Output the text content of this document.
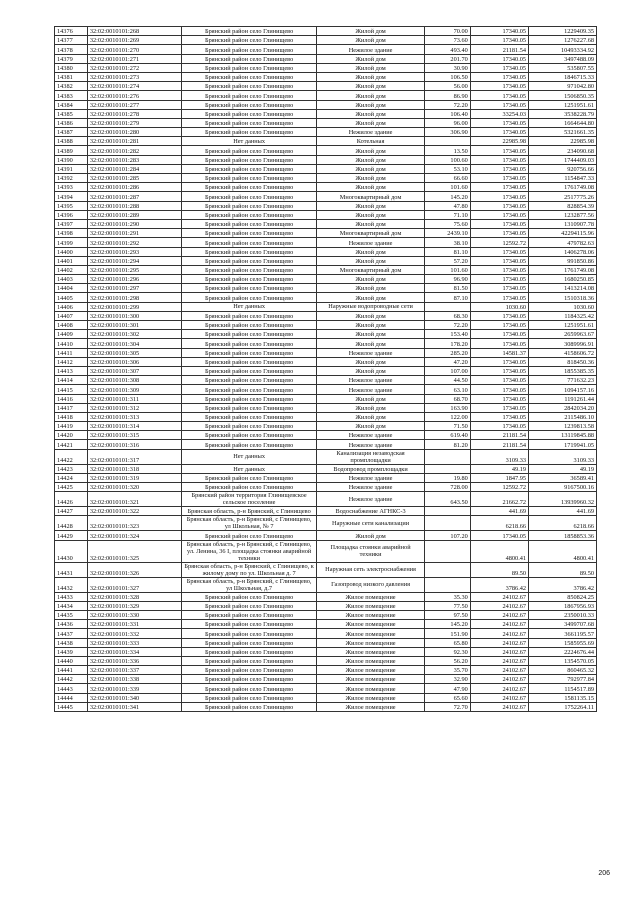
14376	32:02:0010101:268	Брянский район село Глинищево	Жилой дом	70.00	17340.05	1229409.35
14377	32:02:0010101:269	Брянский район село Глинищево	Жилой дом	73.60	17340.05	1276227.68
14378	32:02:0010101:270	Брянский район село Глинищево	Нежилое здание	493.40	21181.54	10493334.92
14379	32:02:0010101:271	Брянский район село Глинищево	Жилой дом	201.70	17340.05	3497488.09
14380	32:02:0010101:272	Брянский район село Глинищево	Жилой дом	30.90	17340.05	535807.55
14381	32:02:0010101:273	Брянский район село Глинищево	Жилой дом	106.50	17340.05	1846715.33
14382	32:02:0010101:274	Брянский район село Глинищево	Жилой дом	56.00	17340.05	971042.80
14383	32:02:0010101:276	Брянский район село Глинищево	Жилой дом	86.90	17340.05	1506850.35
14384	32:02:0010101:277	Брянский район село Глинищево	Жилой дом	72.20	17340.05	1251951.61
14385	32:02:0010101:278	Брянский район село Глинищево	Жилой дом	106.40	33254.03	3538228.79
14386	32:02:0010101:279	Брянский район село Глинищево	Жилой дом	96.00	17340.05	1664644.80
14387	32:02:0010101:280	Брянский район село Глинищево	Нежилое здание	306.90	17340.05	5321661.35
14388	32:02:0010101:281	Нет данных	Котельная		22985.98	22985.98
14389	32:02:0010101:282	Брянский район село Глинищево	Жилой дом	13.50	17340.05	234090.68
14390	32:02:0010101:283	Брянский район село Глинищево	Жилой дом	100.60	17340.05	1744409.03
14391	32:02:0010101:284	Брянский район село Глинищево	Жилой дом	53.10	17340.05	920756.66
14392	32:02:0010101:285	Брянский район село Глинищево	Жилой дом	66.60	17340.05	1154847.33
14393	32:02:0010101:286	Брянский район село Глинищево	Жилой дом	101.60	17340.05	1761749.08
14394	32:02:0010101:287	Брянский район село Глинищево	Многоквартирный дом	145.20	17340.05	2517775.26
14395	32:02:0010101:288	Брянский район село Глинищево	Жилой дом	47.80	17340.05	828854.39
14396	32:02:0010101:289	Брянский район село Глинищево	Жилой дом	71.10	17340.05	1232877.56
14397	32:02:0010101:290	Брянский район село Глинищево	Жилой дом	75.60	17340.05	1310907.78
14398	32:02:0010101:291	Брянский район село Глинищево	Многоквартирный дом	2439.10	17340.05	42294115.96
14399	32:02:0010101:292	Брянский район село Глинищево	Нежилое здание	38.10	12592.72	479782.63
14400	32:02:0010101:293	Брянский район село Глинищево	Жилой дом	81.10	17340.05	1406278.06
14401	32:02:0010101:294	Брянский район село Глинищево	Жилой дом	57.20	17340.05	991850.86
14402	32:02:0010101:295	Брянский район село Глинищево	Многоквартирный дом	101.60	17340.05	1761749.08
14403	32:02:0010101:296	Брянский район село Глинищево	Жилой дом	96.90	17340.05	1680250.85
14404	32:02:0010101:297	Брянский район село Глинищево	Жилой дом	81.50	17340.05	1413214.08
14405	32:02:0010101:298	Брянский район село Глинищево	Жилой дом	87.10	17340.05	1510318.36
14406	32:02:0010101:299	Нет данных	Наружные водопроводные сети		1030.60	1030.60
14407	32:02:0010101:300	Брянский район село Глинищево	Жилой дом	68.30	17340.05	1184325.42
14408	32:02:0010101:301	Брянский район село Глинищево	Жилой дом	72.20	17340.05	1251951.61
14409	32:02:0010101:302	Брянский район село Глинищево	Жилой дом	153.40	17340.05	2659963.67
14410	32:02:0010101:304	Брянский район село Глинищево	Жилой дом	178.20	17340.05	3089996.91
14411	32:02:0010101:305	Брянский район село Глинищево	Нежилое здание	285.20	14581.37	4158606.72
14412	32:02:0010101:306	Брянский район село Глинищево	Жилой дом	47.20	17340.05	818450.36
14413	32:02:0010101:307	Брянский район село Глинищево	Жилой дом	107.00	17340.05	1855385.35
14414	32:02:0010101:308	Брянский район село Глинищево	Нежилое здание	44.50	17340.05	771632.23
14415	32:02:0010101:309	Брянский район село Глинищево	Нежилое здание	63.10	17340.05	1094157.16
14416	32:02:0010101:311	Брянский район село Глинищево	Жилой дом	68.70	17340.05	1191261.44
14417	32:02:0010101:312	Брянский район село Глинищево	Жилой дом	163.90	17340.05	2842034.20
14418	32:02:0010101:313	Брянский район село Глинищево	Жилой дом	122.00	17340.05	2115486.10
14419	32:02:0010101:314	Брянский район село Глинищево	Жилой дом	71.50	17340.05	1239813.58
14420	32:02:0010101:315	Брянский район село Глинищево	Нежилое здание	619.40	21181.54	13119845.88
14421	32:02:0010101:316	Брянский район село Глинищево	Нежилое здание	81.20	21181.54	1719941.05
14422	32:02:0010101:317	Нет данных	Канализация незаводская промплощадки		3109.33	3109.33
14423	32:02:0010101:318	Нет данных	Водопровод промплощадки		49.19	49.19
14424	32:02:0010101:319	Брянский район село Глинищево	Нежилое здание	19.80	1847.95	36589.41
14425	32:02:0010101:320	Брянский район село Глинищево	Нежилое здание	728.00	12592.72	9167500.16
14426	32:02:0010101:321	Брянский район территория Глинищевское сельское поселение	Нежилое здание	643.50	21662.72	13939960.32
14427	32:02:0010101:322	Брянская область, р-н Брянский, с Глинищево	Водоснабжение АГНКС-3		441.69	441.69
14428	32:02:0010101:323	Брянская область, р-н Брянский, с Глинищево, ул Школьная, № 7	Наружные сети канализации		6218.66	6218.66
14429	32:02:0010101:324	Брянский район село Глинищево	Жилой дом	107.20	17340.05	1858853.36
14430	32:02:0010101:325	Брянская область, р-н Брянский, с Глинищево, ул. Ленина, 36 I, площадка стоянки аварийной техники	Площадка стоянки аварийной техники		4800.41	4800.41
14431	32:02:0010101:326	Брянская область, р-н Брянский, с Глинищево, к жилому дому по ул. Школьная д. 7	Наружная сеть электроснабжения		89.50	89.50
14432	32:02:0010101:327	Брянская область, р-н Брянский, с Глинищево, ул Школьная, д.7	Газопровод низкого давления		3786.42	3786.42
14433	32:02:0010101:328	Брянский район село Глинищево	Жилое помещение	35.30	24102.67	850824.25
14434	32:02:0010101:329	Брянский район село Глинищево	Жилое помещение	77.50	24102.67	1867956.93
14435	32:02:0010101:330	Брянский район село Глинищево	Жилое помещение	97.50	24102.67	2350010.33
14436	32:02:0010101:331	Брянский район село Глинищево	Жилое помещение	145.20	24102.67	3499707.68
14437	32:02:0010101:332	Брянский район село Глинищево	Жилое помещение	151.90	24102.67	3661195.57
14438	32:02:0010101:333	Брянский район село Глинищево	Жилое помещение	65.80	24102.67	1585955.69
14439	32:02:0010101:334	Брянский район село Глинищево	Жилое помещение	92.30	24102.67	2224676.44
14440	32:02:0010101:336	Брянский район село Глинищево	Жилое помещение	56.20	24102.67	1354570.05
14441	32:02:0010101:337	Брянский район село Глинищево	Жилое помещение	35.70	24102.67	860465.32
14442	32:02:0010101:338	Брянский район село Глинищево	Жилое помещение	32.90	24102.67	792977.84
14443	32:02:0010101:339	Брянский район село Глинищево	Жилое помещение	47.90	24102.67	1154517.89
14444	32:02:0010101:340	Брянский район село Глинищево	Жилое помещение	65.60	24102.67	1581135.15
14445	32:02:0010101:341	Брянский район село Глинищево	Жилое помещение	72.70	24102.67	1752264.11
206
